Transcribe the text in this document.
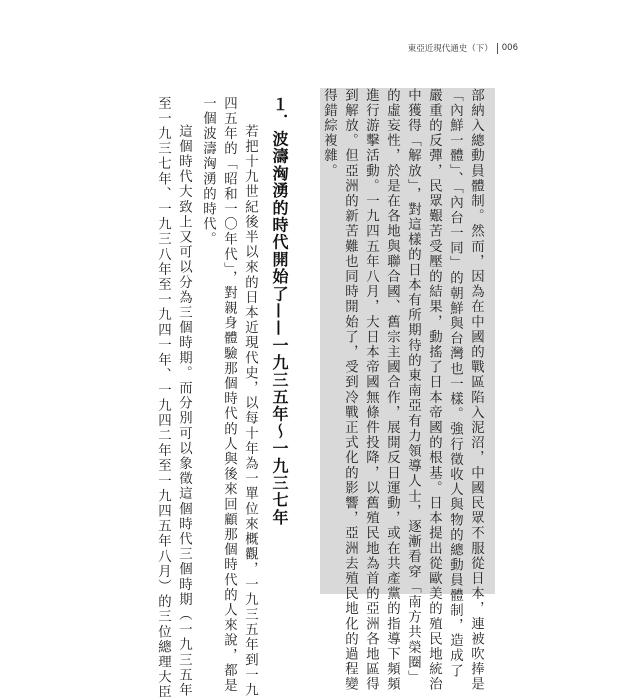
東亞近現代通史（下） 006
部納入總動員體制。然而，因為在中國的戰區陷入泥沼，中國民眾不服從日本，連被吹捧是
「內鮮一體」、「內台一同」的朝鮮與台灣也一樣。強行徵收人與物的總動員體制，造成了
嚴重的反彈，民眾艱苦受壓的結果，動搖了日本帝國的根基。日本提出從歐美的殖民地統治
中獲得「解放」，對這樣的日本有所期待的東南亞有力領導人士，逐漸看穿「南方共榮圈」
的虛妄性，於是在各地與聯合國、舊宗主國合作，展開反日運動，或在共產黨的指導下頻頻
進行游擊活動。一九四五年八月，大日本帝國無條件投降，以舊殖民地為首的亞洲各地區得
到解放。但亞洲的新苦難也同時開始了，受到冷戰正式化的影響，亞洲去殖民地化的過程變
得錯綜複雜。
１．波濤洶湧的時代開始了——一九三五年～一九三七年
若把十九世紀後半以來的日本近現代史，以每十年為一單位來概觀，一九三五年到一九
四五年的「昭和一〇年代」，對親身體驗那個時代的人與後來回顧那個時代的人來說，都是
一個波濤洶湧的時代。
這個時代大致上又可以分為三個時期。而分別可以象徵這個時代三個時期（一九三五年
至一九三七年、一九三八年至一九四一年、一九四二年至一九四五年八月）的三位總理大臣
